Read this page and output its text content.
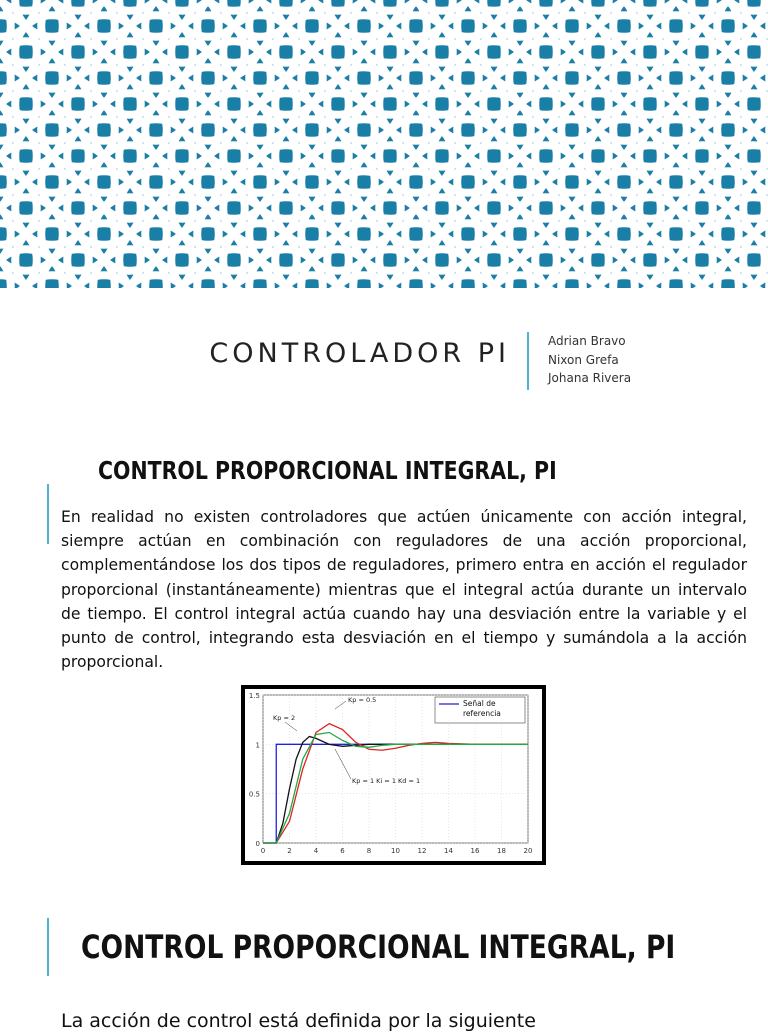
CONTROLADOR PI	Adrian Bravo
Nixon Grefa
Johana Rivera
CONTROL PROPORCIONAL INTEGRAL, PI
En realidad no existen controladores que actúen únicamente con acción integral, siempre actúan en combinación con reguladores de una acción proporcional, complementándose los dos tipos de reguladores, primero entra en acción el regulador proporcional (instantáneamente) mientras que el integral actúa durante un intervalo de tiempo. El control integral actúa cuando hay una desviación entre la variable y el punto de control, integrando esta desviación en el tiempo y sumándola a la acción proporcional.
0	2	4	6	8	10	12	14	16	18	20
0
0.5
1
1.5
Señal de
referencia
Kp = 0.5
Kp = 2
Kp = 1 Ki = 1 Kd = 1
CONTROL PROPORCIONAL INTEGRAL, PI
La acción de control está definida por la siguiente
